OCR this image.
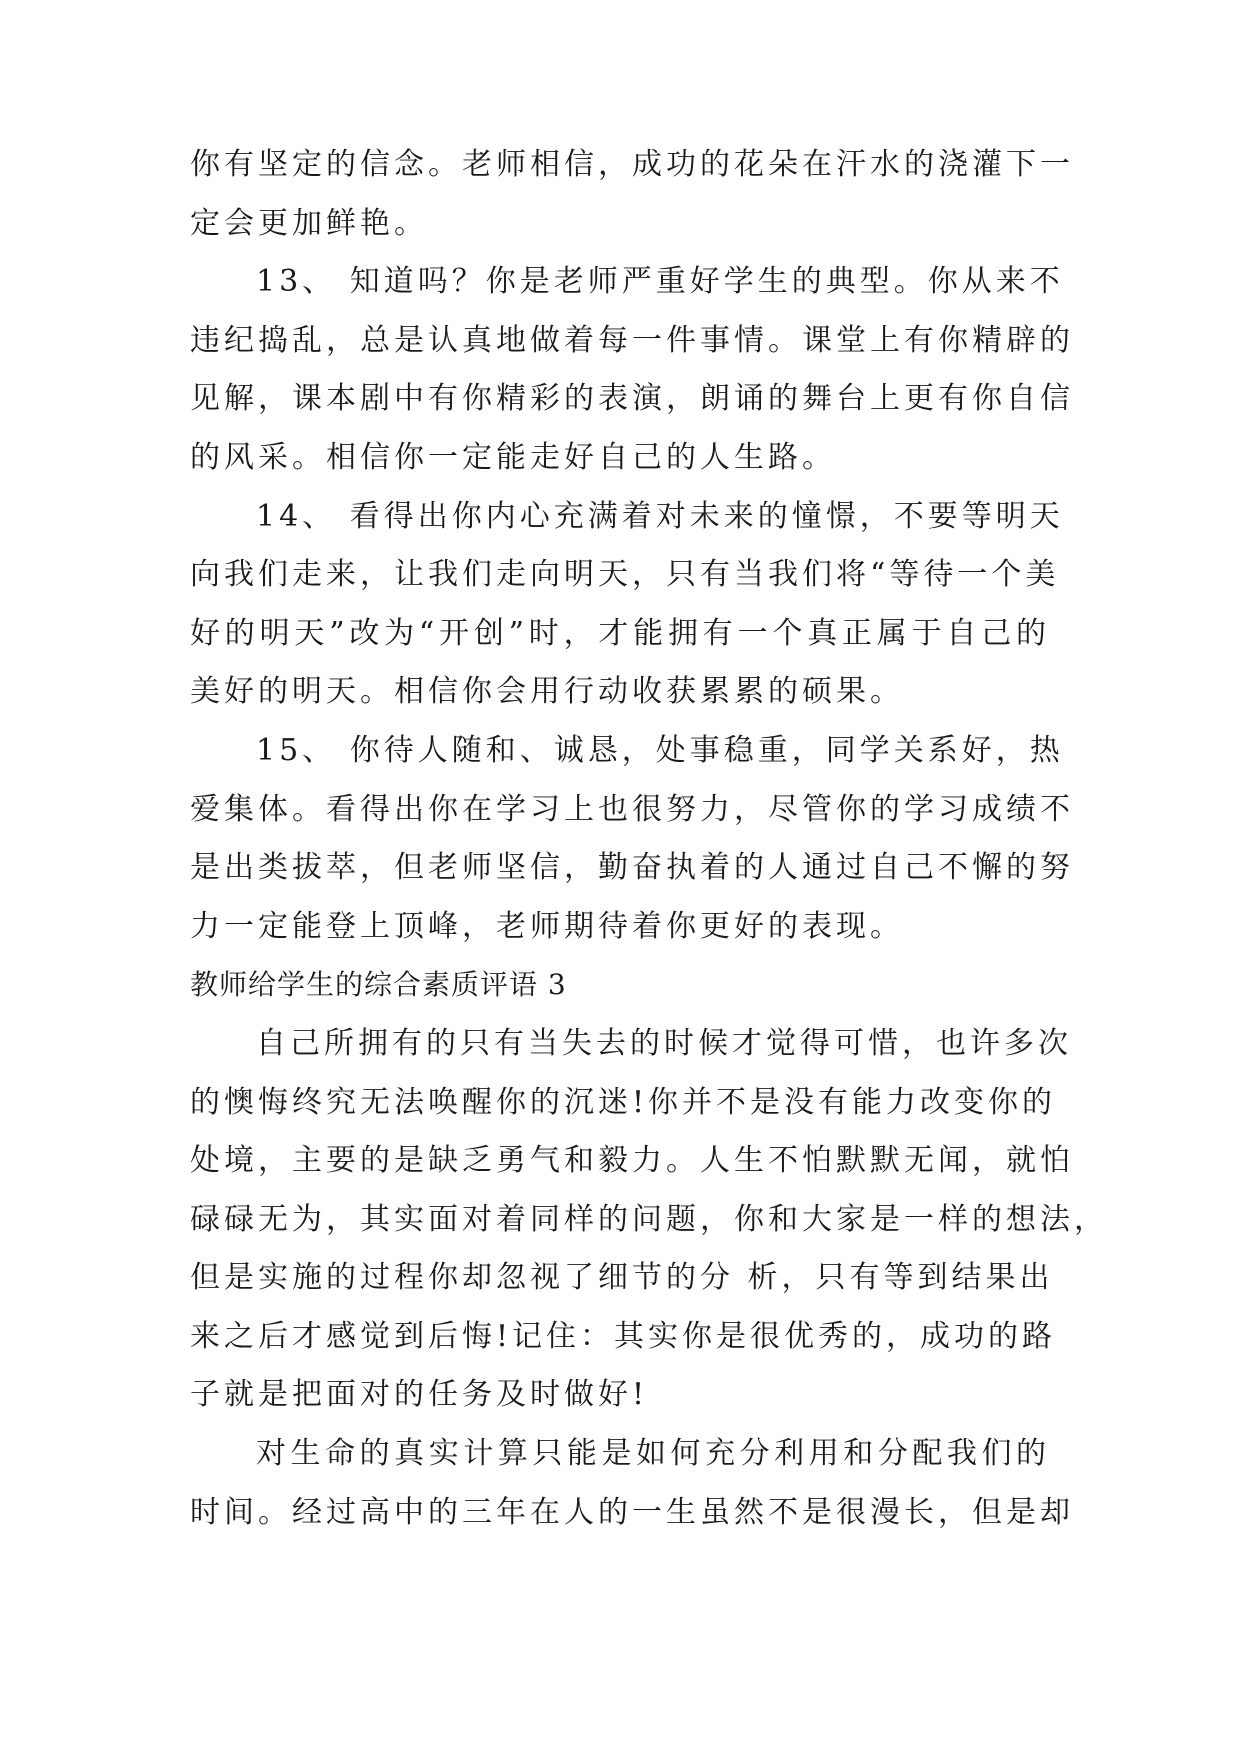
你有坚定的信念。老师相信，成功的花朵在汗水的浇灌下一
定会更加鲜艳。
13、 知道吗？你是老师严重好学生的典型。你从来不
违纪捣乱，总是认真地做着每一件事情。课堂上有你精辟的
见解，课本剧中有你精彩的表演，朗诵的舞台上更有你自信
的风采。相信你一定能走好自己的人生路。
14、 看得出你内心充满着对未来的憧憬，不要等明天
向我们走来，让我们走向明天，只有当我们将“等待一个美
好的明天”改为“开创”时，才能拥有一个真正属于自己的
美好的明天。相信你会用行动收获累累的硕果。
15、 你待人随和、诚恳，处事稳重，同学关系好，热
爱集体。看得出你在学习上也很努力，尽管你的学习成绩不
是出类拔萃，但老师坚信，勤奋执着的人通过自己不懈的努
力一定能登上顶峰，老师期待着你更好的表现。
教师给学生的综合素质评语 3
自己所拥有的只有当失去的时候才觉得可惜，也许多次
的懊悔终究无法唤醒你的沉迷!你并不是没有能力改变你的
处境，主要的是缺乏勇气和毅力。人生不怕默默无闻，就怕
碌碌无为，其实面对着同样的问题，你和大家是一样的想法，
但是实施的过程你却忽视了细节的分 析，只有等到结果出
来之后才感觉到后悔!记住：其实你是很优秀的，成功的路
子就是把面对的任务及时做好!
对生命的真实计算只能是如何充分利用和分配我们的
时间。经过高中的三年在人的一生虽然不是很漫长，但是却
